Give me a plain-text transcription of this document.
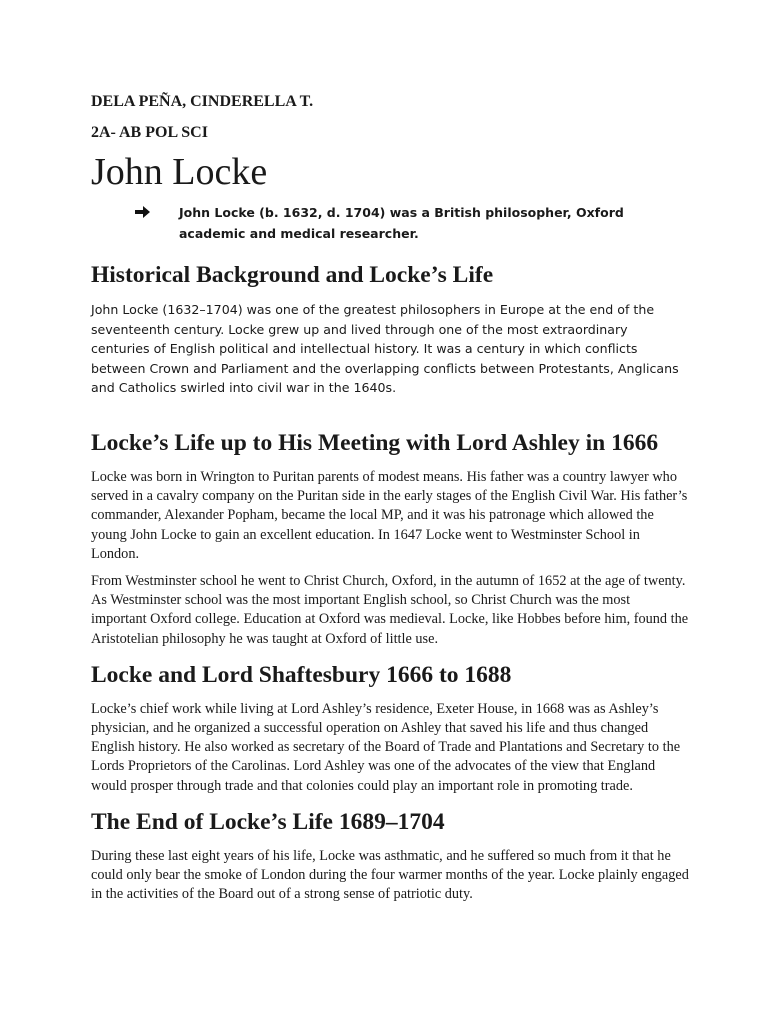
DELA PEÑA, CINDERELLA T.
2A- AB POL SCI
John Locke
John Locke (b. 1632, d. 1704) was a British philosopher, Oxford academic and medical researcher.
Historical Background and Locke’s Life

John Locke (1632–1704) was one of the greatest philosophers in Europe at the end of the seventeenth century. Locke grew up and lived through one of the most extraordinary centuries of English political and intellectual history. It was a century in which conflicts between Crown and Parliament and the overlapping conflicts between Protestants, Anglicans and Catholics swirled into civil war in the 1640s.

Locke’s Life up to His Meeting with Lord Ashley in 1666

Locke was born in Wrington to Puritan parents of modest means. His father was a country lawyer who served in a cavalry company on the Puritan side in the early stages of the English Civil War. His father’s commander, Alexander Popham, became the local MP, and it was his patronage which allowed the young John Locke to gain an excellent education. In 1647 Locke went to Westminster School in London.

From Westminster school he went to Christ Church, Oxford, in the autumn of 1652 at the age of twenty. As Westminster school was the most important English school, so Christ Church was the most important Oxford college. Education at Oxford was medieval. Locke, like Hobbes before him, found the Aristotelian philosophy he was taught at Oxford of little use.

Locke and Lord Shaftesbury 1666 to 1688

Locke’s chief work while living at Lord Ashley’s residence, Exeter House, in 1668 was as Ashley’s physician, and he organized a successful operation on Ashley that saved his life and thus changed English history. He also worked as secretary of the Board of Trade and Plantations and Secretary to the Lords Proprietors of the Carolinas. Lord Ashley was one of the advocates of the view that England would prosper through trade and that colonies could play an important role in promoting trade.

The End of Locke’s Life 1689–1704

During these last eight years of his life, Locke was asthmatic, and he suffered so much from it that he could only bear the smoke of London during the four warmer months of the year. Locke plainly engaged in the activities of the Board out of a strong sense of patriotic duty.
